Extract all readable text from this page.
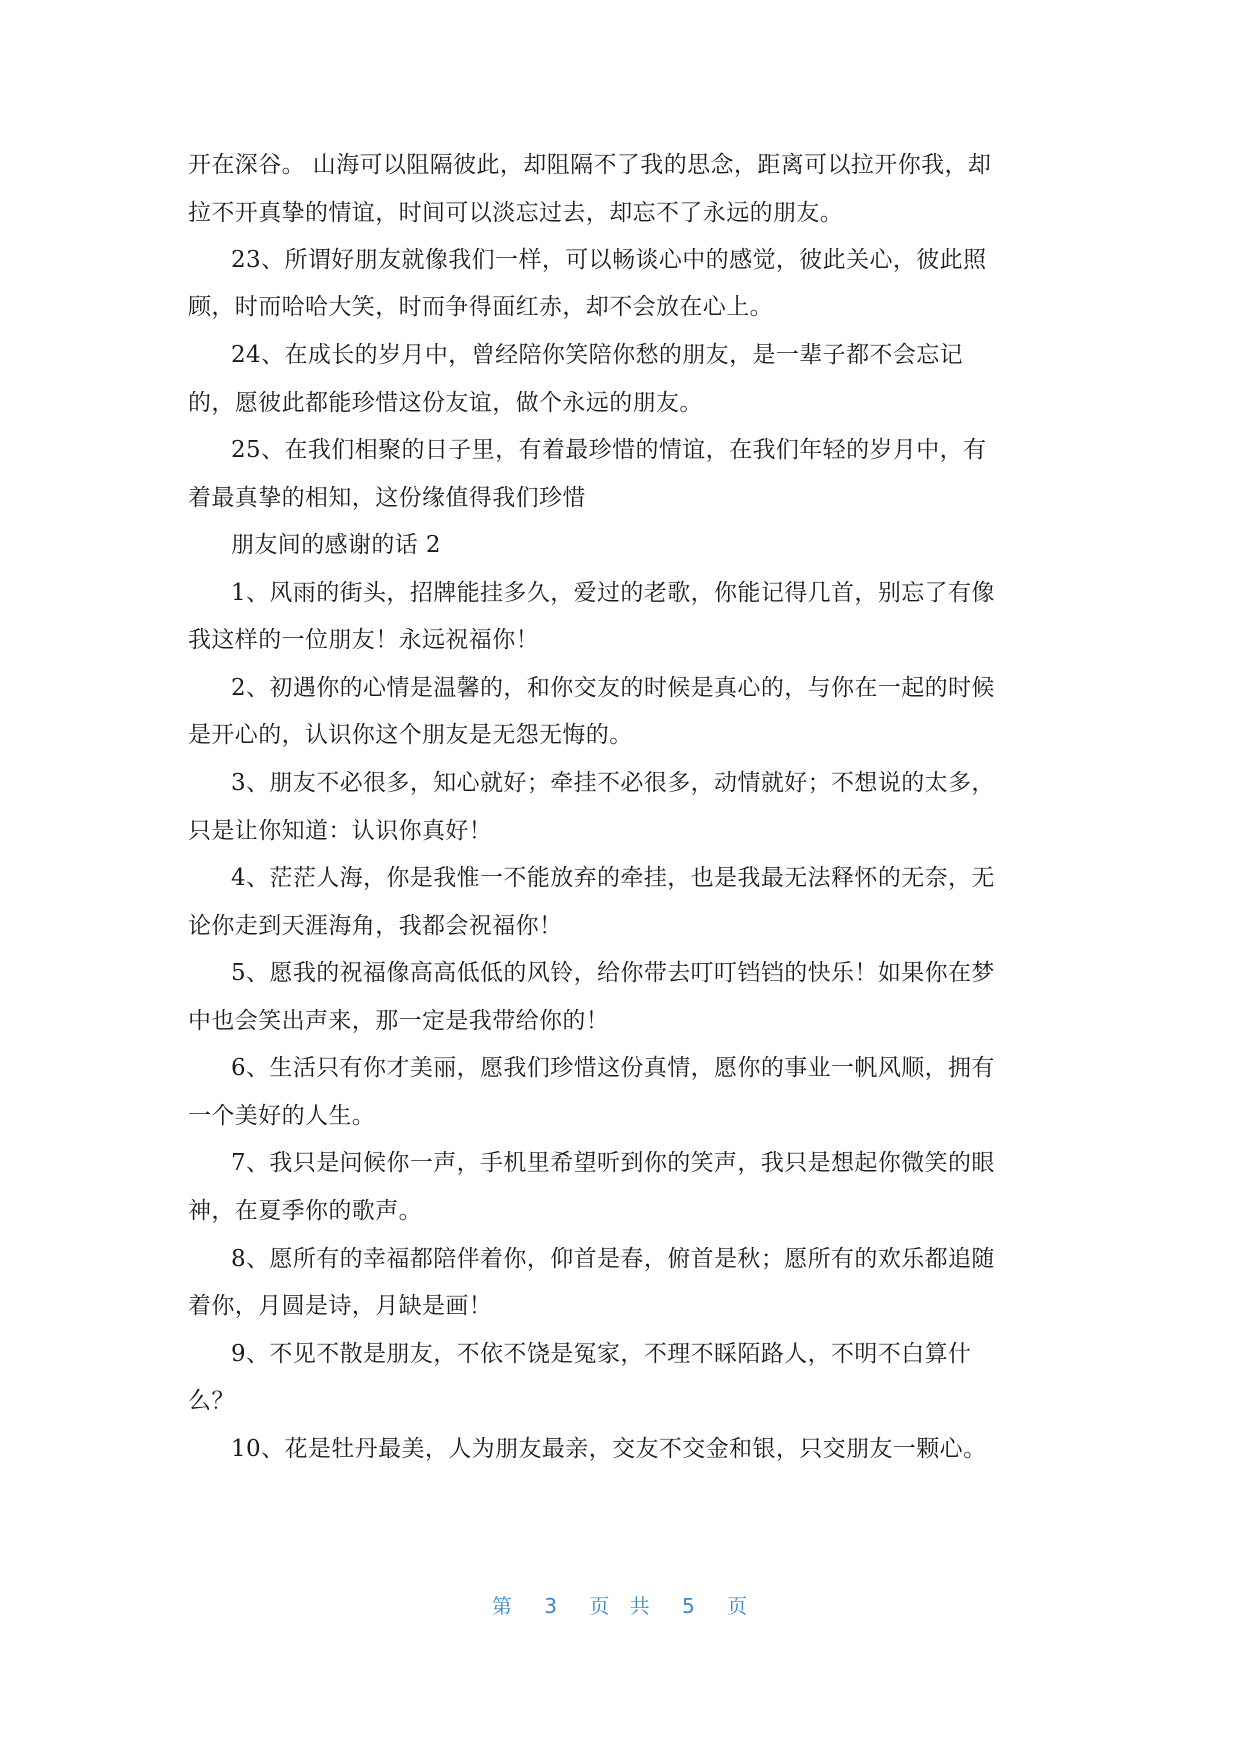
开在深谷。 山海可以阻隔彼此，却阻隔不了我的思念，距离可以拉开你我，却
拉不开真挚的情谊，时间可以淡忘过去，却忘不了永远的朋友。
23、所谓好朋友就像我们一样，可以畅谈心中的感觉，彼此关心，彼此照
顾，时而哈哈大笑，时而争得面红赤，却不会放在心上。
24、在成长的岁月中，曾经陪你笑陪你愁的朋友，是一辈子都不会忘记
的，愿彼此都能珍惜这份友谊，做个永远的朋友。
25、在我们相聚的日子里，有着最珍惜的情谊，在我们年轻的岁月中，有
着最真挚的相知，这份缘值得我们珍惜
朋友间的感谢的话 2
1、风雨的街头，招牌能挂多久，爱过的老歌，你能记得几首，别忘了有像
我这样的一位朋友！永远祝福你！
2、初遇你的心情是温馨的，和你交友的时候是真心的，与你在一起的时候
是开心的，认识你这个朋友是无怨无悔的。
3、朋友不必很多，知心就好；牵挂不必很多，动情就好；不想说的太多，
只是让你知道：认识你真好！
4、茫茫人海，你是我惟一不能放弃的牵挂，也是我最无法释怀的无奈，无
论你走到天涯海角，我都会祝福你！
5、愿我的祝福像高高低低的风铃，给你带去叮叮铛铛的快乐！如果你在梦
中也会笑出声来，那一定是我带给你的！
6、生活只有你才美丽，愿我们珍惜这份真情，愿你的事业一帆风顺，拥有
一个美好的人生。
7、我只是问候你一声，手机里希望听到你的笑声，我只是想起你微笑的眼
神，在夏季你的歌声。
8、愿所有的幸福都陪伴着你，仰首是春，俯首是秋；愿所有的欢乐都追随
着你，月圆是诗，月缺是画！
9、不见不散是朋友，不依不饶是冤家，不理不睬陌路人，不明不白算什
么？
10、花是牡丹最美，人为朋友最亲，交友不交金和银，只交朋友一颗心。
第 3 页 共 5 页
